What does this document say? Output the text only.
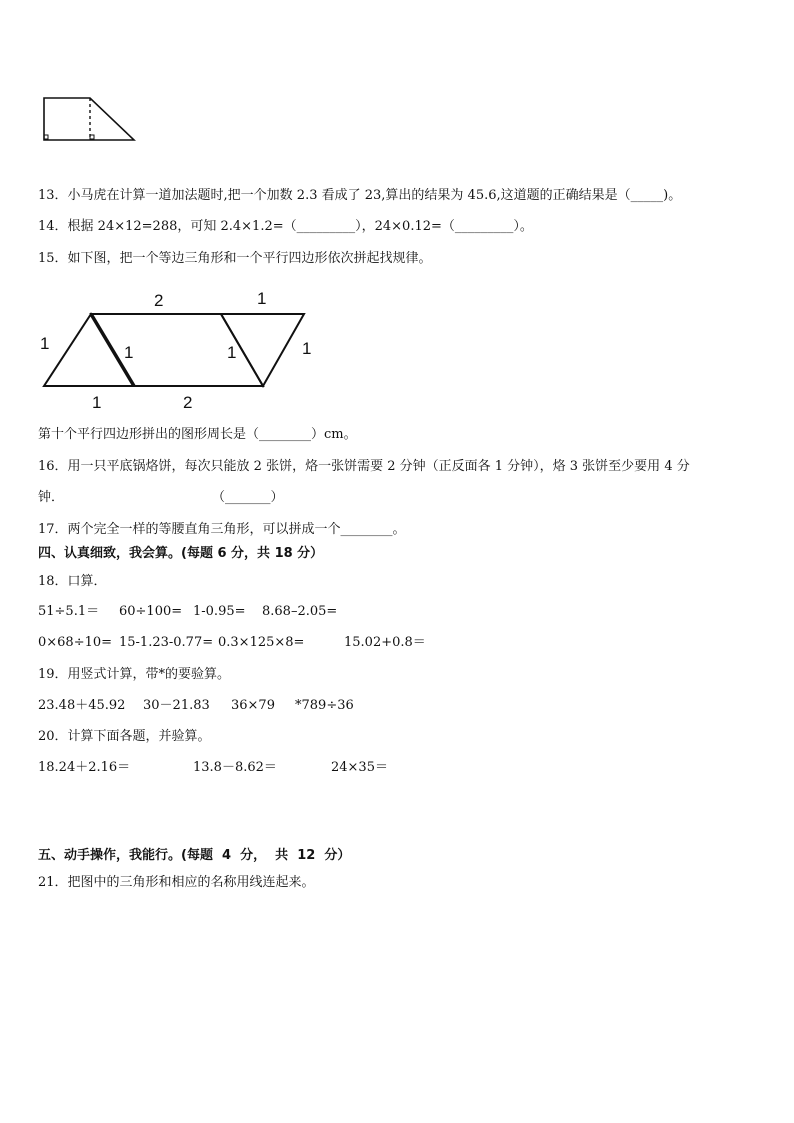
13．小马虎在计算一道加法题时,把一个加数 2.3 看成了 23,算出的结果为 45.6,这道题的正确结果是（_____)。
14．根据 24×12=288，可知 2.4×1.2=（_________），24×0.12=（_________）。
15．如下图，把一个等边三角形和一个平行四边形依次拼起找规律。
1
2	1
1	1	1
1	2
第十个平行四边形拼出的图形周长是（________）cm。
16．用一只平底锅烙饼，每次只能放 2 张饼，烙一张饼需要 2 分钟（正反面各 1 分钟），烙 3 张饼至少要用 4 分
钟．	（_______）
17．两个完全一样的等腰直角三角形，可以拼成一个________。
四、认真细致，我会算。(每题 6 分，共 18 分）
18．口算．
51÷5.1＝ 60÷100= 1-0.95= 8.68–2.05=
0×68÷10= 15-1.23-0.77= 0.3×125×8=	15.02+0.8＝
19．用竖式计算，带*的要验算。
23.48＋45.92 30－21.83 36×79 *789÷36
20．计算下面各题，并验算。
18.24＋2.16＝	13.8－8.62＝	24×35＝
五、动手操作，我能行。(每题  4  分，  共  12  分）
21．把图中的三角形和相应的名称用线连起来。
